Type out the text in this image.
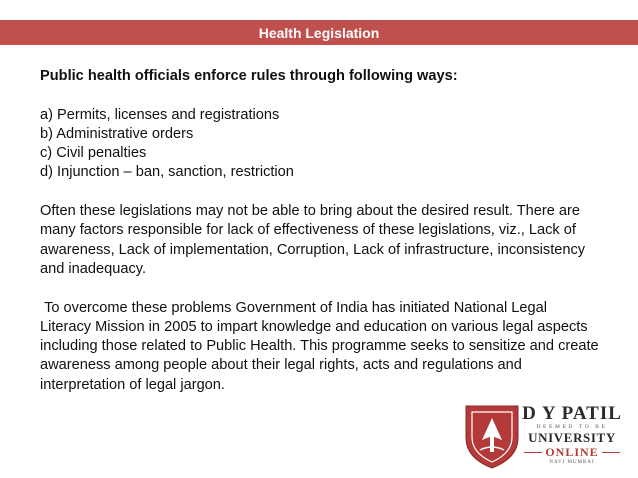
Health Legislation

Public health officials enforce rules through following ways:

a) Permits, licenses and registrations

b) Administrative orders

c) Civil penalties

d) Injunction – ban, sanction, restriction

Often these legislations may not be able to bring about the desired result. There are many factors responsible for lack of effectiveness of these legislations, viz., Lack of awareness, Lack of implementation, Corruption, Lack of infrastructure, inconsistency and inadequacy.

To overcome these problems Government of India has initiated National Legal Literacy Mission in 2005 to impart knowledge and education on various legal aspects including those related to Public Health. This programme seeks to sensitize and create awareness among people about their legal rights, acts and regulations and interpretation of legal jargon.

D Y PATIL
DEEMED TO BE
UNIVERSITY
ONLINE
NAVI MUMBAI
